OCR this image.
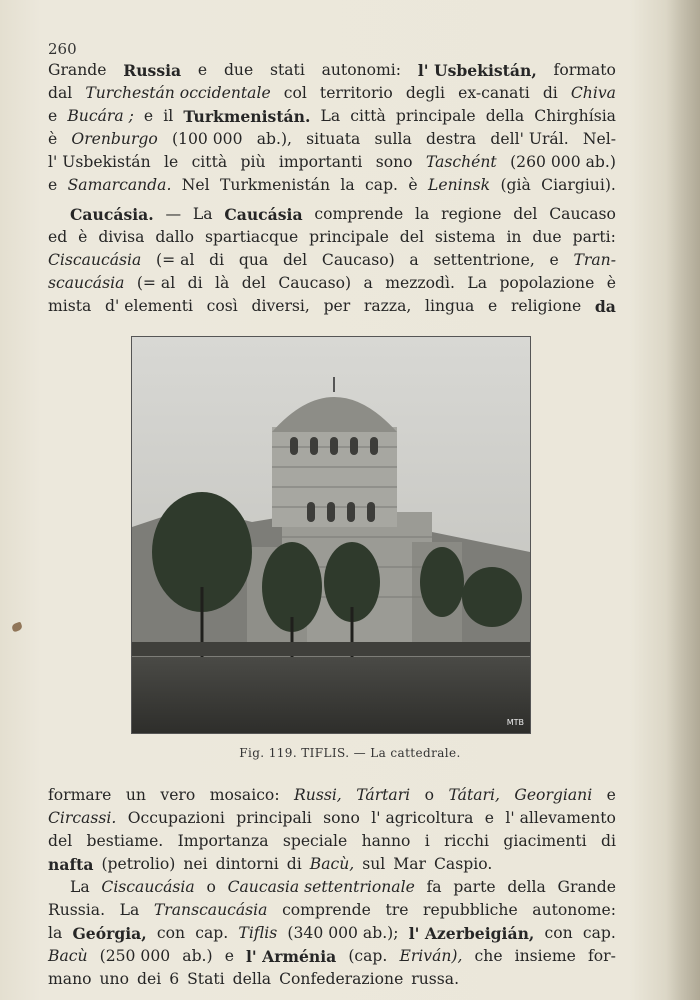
260
Grande Russia e due stati autonomi: l' Usbekistán, formato
dal Turchestán occidentale col territorio degli ex-canati di Chiva
e Bucára ; e il Turkmenistán. La città principale della Chirghísia
è Orenburgo (100 000 ab.), situata sulla destra dell' Urál. Nel-
l' Usbekistán le città più importanti sono Taschént (260 000 ab.)
e Samarcanda. Nel Turkmenistán la cap. è Leninsk (già Ciargiui).
Caucásia. — La Caucásia comprende la regione del Caucaso
ed è divisa dallo spartiacque principale del sistema in due parti:
Ciscaucásia (= al di qua del Caucaso) a settentrione, e Tran-
scaucásia (= al di là del Caucaso) a mezzodì. La popolazione è
mista d' elementi così diversi, per razza, lingua e religione da
MTB
Fig. 119. TIFLIS. — La cattedrale.
formare un vero mosaico: Russi, Tártari o Tátari, Georgiani e
Circassi. Occupazioni principali sono l' agricoltura e l' allevamento
del bestiame. Importanza speciale hanno i ricchi giacimenti di
nafta (petrolio) nei dintorni di Bacù, sul Mar Caspio.
La Ciscaucásia o Caucasia settentrionale fa parte della Grande
Russia. La Transcaucásia comprende tre repubbliche autonome:
la Geórgia, con cap. Tiflis (340 000 ab.); l' Azerbeigián, con cap.
Bacù (250 000 ab.) e l' Arménia (cap. Eriván), che insieme for-
mano uno dei 6 Stati della Confederazione russa.
